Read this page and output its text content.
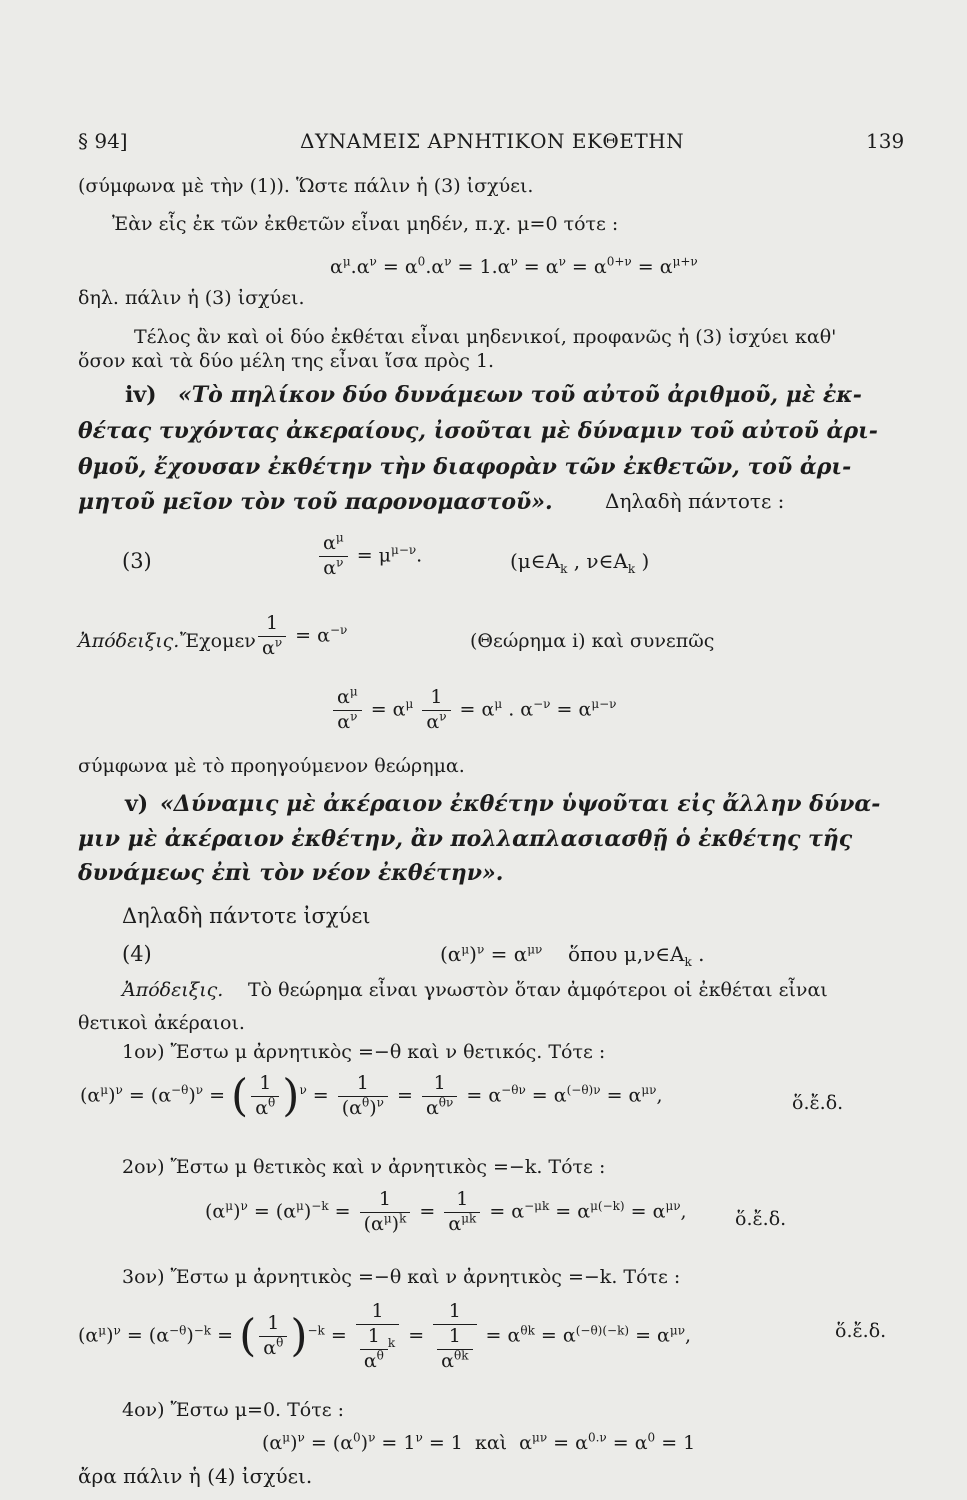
§ 94]	ΔΥΝΑΜΕΙΣ ΑΡΝΗΤΙΚΟΝ ΕΚΘΕΤΗΝ	139
(σύμφωνα μὲ τὴν (1)). Ὥστε πάλιν ἡ (3) ἰσχύει.
Ἐὰν εἷς ἐκ τῶν ἐκθετῶν εἶναι μηδέν, π.χ. μ=0 τότε :
$\alpha^\mu.\alpha^\nu = \alpha^0.\alpha^\nu = 1.\alpha^\nu = \alpha^\nu = \alpha^{0+\nu} = \alpha^{\mu+\nu}$
δηλ. πάλιν ἡ (3) ἰσχύει.
Τέλος ἂν καὶ οἱ δύο ἐκθέται εἶναι μηδενικοί, προφανῶς ἡ (3) ἰσχύει καθ'
ὅσον καὶ τὰ δύο μέλη της εἶναι ἴσα πρὸς 1.
iv) «Τὸ πηλίκον δύο δυνάμεων τοῦ αὐτοῦ ἀριθμοῦ, μὲ ἐκ-
θέτας τυχόντας ἀκεραίους, ἰσοῦται μὲ δύναμιν τοῦ αὐτοῦ ἀρι-
θμοῦ, ἔχουσαν ἐκθέτην τὴν διαφορὰν τῶν ἐκθετῶν, τοῦ ἀρι-
μητοῦ μεῖον τὸν τοῦ παρονομαστοῦ».	Δηλαδὴ πάντοτε :
(3)	$\frac{\alpha^\mu}{\alpha^\nu} = \mu^{\mu-\nu}$.	($\mu\in A_k$ , $\nu\in A_k$ )
Ἀπόδειξις. Ἔχομεν $\frac{1}{\alpha^\nu} = \alpha^{-\nu}$
(Θεώρημα i) καὶ συνεπῶς
$\frac{\alpha^\mu}{\alpha^\nu} = \alpha^\mu \frac{1}{\alpha^\nu} = \alpha^\mu$ . $\alpha^{-\nu} = \alpha^{\mu-\nu}$
σύμφωνα μὲ τὸ προηγούμενον θεώρημα.
v) «Δύναμις μὲ ἀκέραιον ἐκθέτην ὑψοῦται εἰς ἄλλην δύνα-
μιν μὲ ἀκέραιον ἐκθέτην, ἂν πολλαπλασιασθῇ ὁ ἐκθέτης τῆς
δυνάμεως ἐπὶ τὸν νέον ἐκθέτην».
Δηλαδὴ πάντοτε ἰσχύει
(4)	$(\alpha^\mu)^\nu = \alpha^{\mu\nu}$ ὅπου $\mu,\nu\in A_k$ .
Ἀπόδειξις. Τὸ θεώρημα εἶναι γνωστὸν ὅταν ἀμφότεροι οἱ ἐκθέται εἶναι
θετικοὶ ἀκέραιοι.
1ον) Ἔστω μ ἀρνητικὸς =−θ καὶ ν θετικός. Τότε :
$(\alpha^\mu)^\nu = (\alpha^{-\theta})^\nu$ = ( $\frac{1}{\alpha^\theta} )^\nu = \frac{1}{(\alpha^\theta)^\nu} = \frac{1}{\alpha^{\theta\nu}} = \alpha^{-\theta\nu} = \alpha^{(-\theta)\nu} = \alpha^{\mu\nu}$,	ὅ.ἔ.δ.
2ον) Ἔστω μ θετικὸς καὶ ν ἀρνητικὸς =−k. Τότε :
$(\alpha^\mu)^\nu = (\alpha^\mu)^{-k} = \frac{1}{(\alpha^\mu)^k} = \frac{1}{\alpha^{\mu k}} = \alpha^{-\mu k} = \alpha^{\mu(-k)} = \alpha^{\mu\nu}$,	ὅ.ἔ.δ.
3ον) Ἔστω μ ἀρνητικὸς =−θ καὶ ν ἀρνητικὸς =−k. Τότε :
$(\alpha^\mu)^\nu = (\alpha^{-\theta})^{-k}$ = ( $\frac{1}{\alpha^\theta} )^{-k} = \frac{1}{\frac{1}{\alpha^\theta} ^k} = \frac{1}{\frac{1}{\alpha^{\theta k}}} = \alpha^{\theta k} = \alpha^{(-\theta)(-k)} = \alpha^{\mu\nu}$,	ὅ.ἔ.δ.
4ον) Ἔστω μ=0. Τότε :
$(\alpha^\mu)^\nu = (\alpha^0)^\nu = 1^\nu = 1$  καὶ  $\alpha^{\mu\nu} = \alpha^{0.\nu} = \alpha^0 = 1$
ἄρα πάλιν ἡ (4) ἰσχύει.
